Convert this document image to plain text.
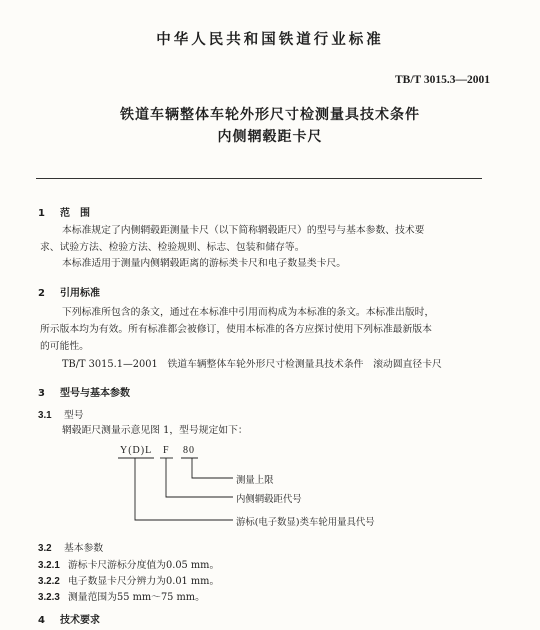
中华人民共和国铁道行业标准
TB/T 3015.3—2001
铁道车辆整体车轮外形尺寸检测量具技术条件
内侧辋毂距卡尺
1 范　围
本标准规定了内侧辋毂距测量卡尺（以下简称辋毂距尺）的型号与基本参数、技术要
求、试验方法、检验方法、检验规则、标志、包装和储存等。
本标准适用于测量内侧辋毂距离的游标类卡尺和电子数显类卡尺。
2 引用标准
下列标准所包含的条文，通过在本标准中引用而构成为本标准的条文。本标准出版时，
所示版本均为有效。所有标准都会被修订，使用本标准的各方应探讨使用下列标准最新版本
的可能性。
TB/T 3015.1—2001　铁道车辆整体车轮外形尺寸检测量具技术条件　滚动圆直径卡尺
3 型号与基本参数
3.1 型号
辋毂距尺测量示意见图 1，型号规定如下：
Y(D)L F 80
测量上限
内侧辋毂距代号
游标(电子数显)类车轮用量具代号
3.2 基本参数
3.2.1 游标卡尺游标分度值为0.05 mm。
3.2.2 电子数显卡尺分辨力为0.01 mm。
3.2.3 测量范围为55 mm～75 mm。
4 技术要求
